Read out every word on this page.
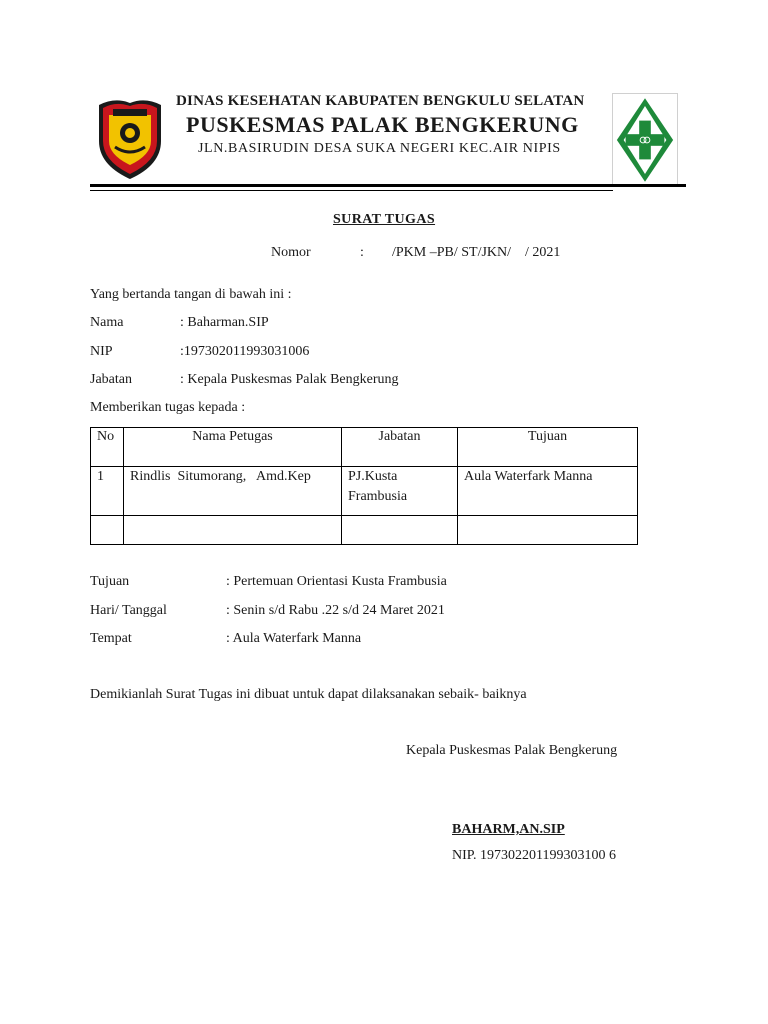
DINAS KESEHATAN KABUPATEN BENGKULU SELATAN
PUSKESMAS PALAK BENGKERUNG
JLN.BASIRUDIN DESA SUKA NEGERI KEC.AIR NIPIS
SURAT TUGAS
Nomor	: /PKM –PB/ ST/JKN/    / 2021
Yang bertanda tangan di bawah ini :
Nama	: Baharman.SIP
NIP	:197302011993031006
Jabatan	: Kepala Puskesmas Palak Bengkerung
Memberikan tugas kepada :
No	Nama Petugas	Jabatan	Tujuan
1	Rindlis  Situmorang,   Amd.Kep	PJ.Kusta Frambusia	Aula Waterfark Manna

Tujuan	: Pertemuan Orientasi Kusta Frambusia
Hari/ Tanggal	: Senin s/d Rabu .22 s/d 24 Maret 2021
Tempat	: Aula Waterfark Manna
Demikianlah Surat Tugas ini dibuat untuk dapat dilaksanakan sebaik- baiknya
Kepala Puskesmas Palak Bengkerung
BAHARM,AN.SIP
NIP. 197302201199303100 6
